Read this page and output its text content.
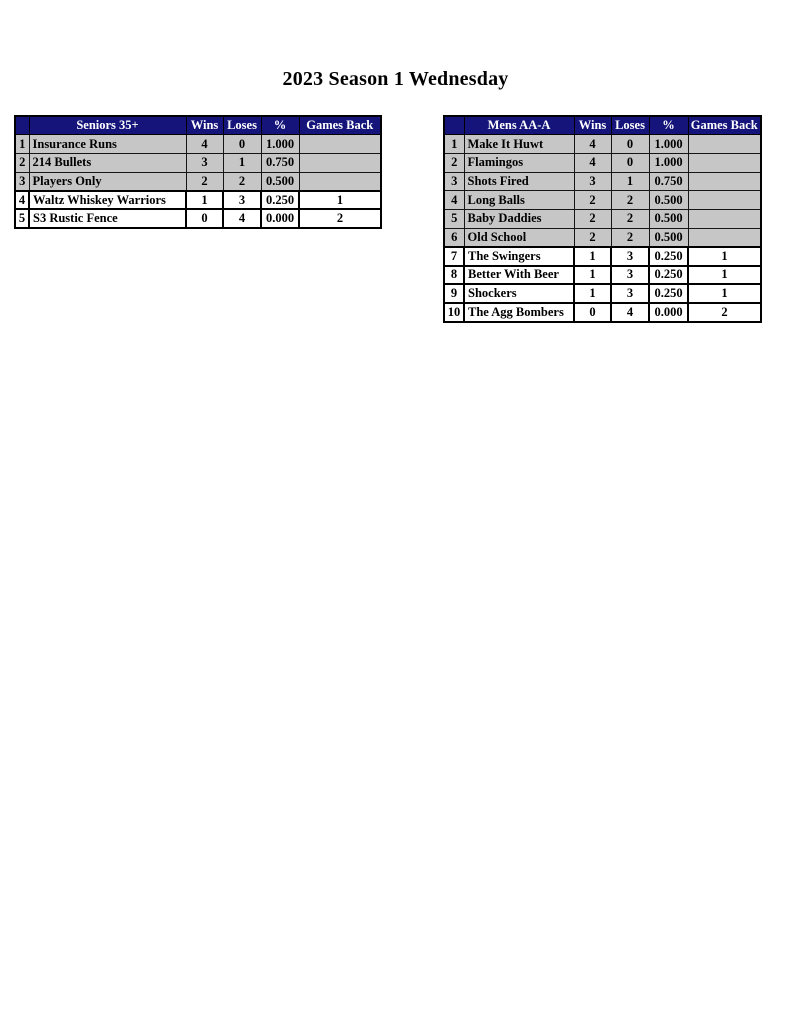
2023 Season 1 Wednesday
	Seniors 35+	Wins	Loses	%	Games Back
1	Insurance Runs	4	0	1.000	
2	214 Bullets	3	1	0.750	
3	Players Only	2	2	0.500	
4	Waltz Whiskey Warriors	1	3	0.250	1
5	S3 Rustic Fence	0	4	0.000	2
	Mens AA-A	Wins	Loses	%	Games Back
1	Make It Huwt	4	0	1.000	
2	Flamingos	4	0	1.000	
3	Shots Fired	3	1	0.750	
4	Long Balls	2	2	0.500	
5	Baby Daddies	2	2	0.500	
6	Old School	2	2	0.500	
7	The Swingers	1	3	0.250	1
8	Better With Beer	1	3	0.250	1
9	Shockers	1	3	0.250	1
10	The Agg Bombers	0	4	0.000	2
